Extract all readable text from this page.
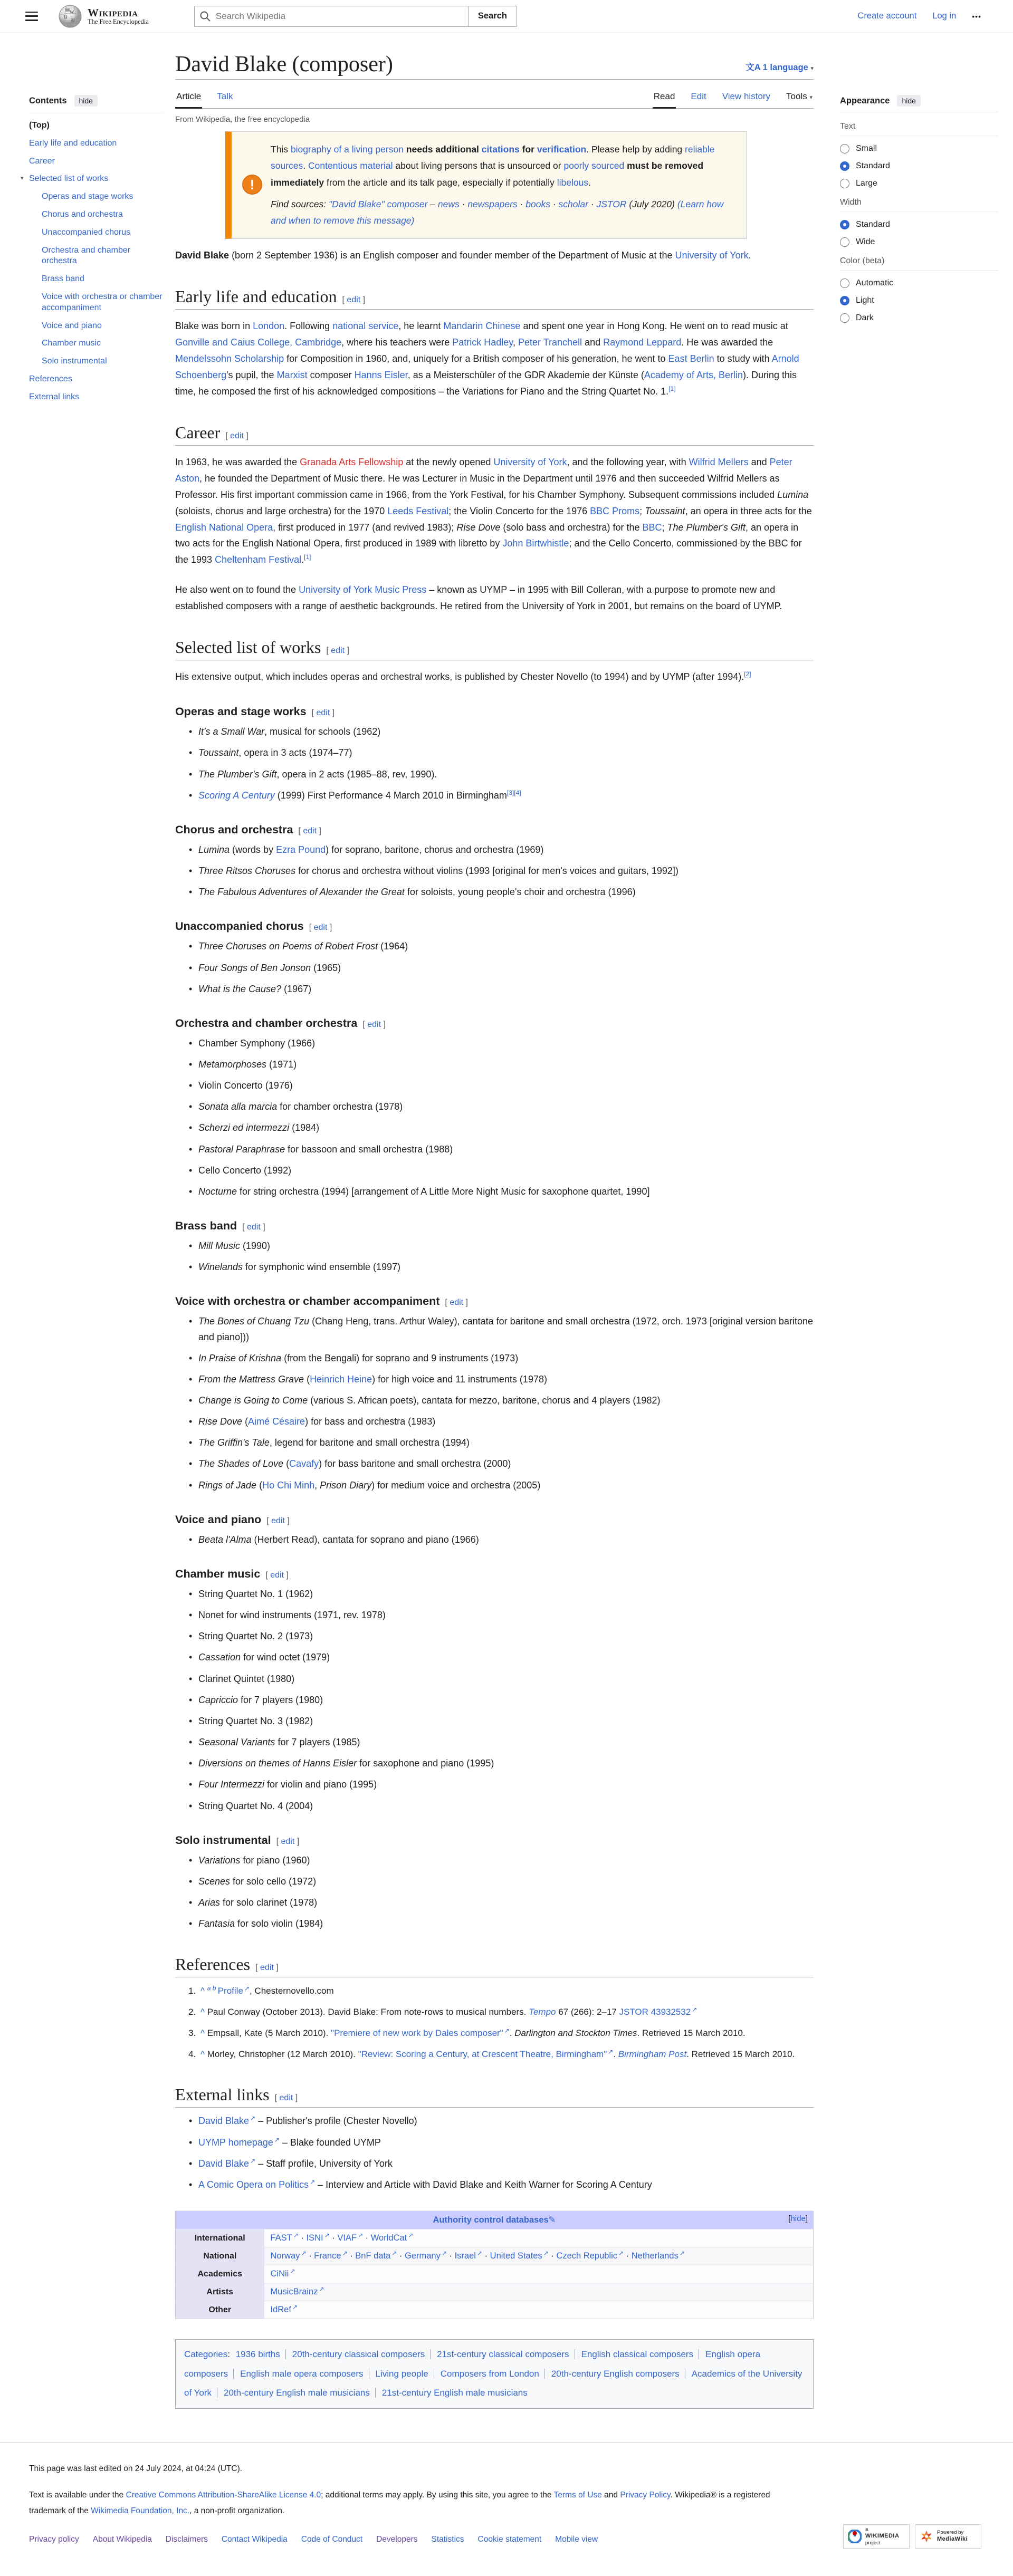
Ω
W
袓
Wikipedia
The Free Encyclopedia
Search Wikipedia
Search	Create account Log in •••
Contents	hide
(Top)
Early life and education
Career
▾ Selected list of works
Operas and stage works
Chorus and orchestra
Unaccompanied chorus
Orchestra and chamber orchestra
Brass band
Voice with orchestra or chamber accompaniment
Voice and piano
Chamber music
Solo instrumental
References
External links
David Blake (composer)	文A 1 language ▾
Article Talk	Read Edit View history Tools ▾
From Wikipedia, the free encyclopedia
!
This biography of a living person needs additional citations for verification. Please help by adding reliable sources. Contentious material about living persons that is unsourced or poorly sourced must be removed immediately from the article and its talk page, especially if potentially libelous.
Find sources: "David Blake" composer – news · newspapers · books · scholar · JSTOR (July 2020) (Learn how and when to remove this message)

David Blake (born 2 September 1936) is an English composer and founder member of the Department of Music at the University of York.

Early life and education [ edit ]

Blake was born in London. Following national service, he learnt Mandarin Chinese and spent one year in Hong Kong. He went on to read music at Gonville and Caius College, Cambridge, where his teachers were Patrick Hadley, Peter Tranchell and Raymond Leppard. He was awarded the Mendelssohn Scholarship for Composition in 1960, and, uniquely for a British composer of his generation, he went to East Berlin to study with Arnold Schoenberg's pupil, the Marxist composer Hanns Eisler, as a Meisterschüler of the GDR Akademie der Künste (Academy of Arts, Berlin). During this time, he composed the first of his acknowledged compositions – the Variations for Piano and the String Quartet No. 1.[1]

Career [ edit ]

In 1963, he was awarded the Granada Arts Fellowship at the newly opened University of York, and the following year, with Wilfrid Mellers and Peter Aston, he founded the Department of Music there. He was Lecturer in Music in the Department until 1976 and then succeeded Wilfrid Mellers as Professor. His first important commission came in 1966, from the York Festival, for his Chamber Symphony. Subsequent commissions included Lumina (soloists, chorus and large orchestra) for the 1970 Leeds Festival; the Violin Concerto for the 1976 BBC Proms; Toussaint, an opera in three acts for the English National Opera, first produced in 1977 (and revived 1983); Rise Dove (solo bass and orchestra) for the BBC; The Plumber's Gift, an opera in two acts for the English National Opera, first produced in 1989 with libretto by John Birtwhistle; and the Cello Concerto, commissioned by the BBC for the 1993 Cheltenham Festival.[1]

He also went on to found the University of York Music Press – known as UYMP – in 1995 with Bill Colleran, with a purpose to promote new and established composers with a range of aesthetic backgrounds. He retired from the University of York in 2001, but remains on the board of UYMP.

Selected list of works [ edit ]

His extensive output, which includes operas and orchestral works, is published by Chester Novello (to 1994) and by UYMP (after 1994).[2]

Operas and stage works [ edit ]
• It's a Small War, musical for schools (1962)
• Toussaint, opera in 3 acts (1974–77)
• The Plumber's Gift, opera in 2 acts (1985–88, rev, 1990).
• Scoring A Century (1999) First Performance 4 March 2010 in Birmingham[3][4]
Chorus and orchestra [ edit ]
• Lumina (words by Ezra Pound) for soprano, baritone, chorus and orchestra (1969)
• Three Ritsos Choruses for chorus and orchestra without violins (1993 [original for men's voices and guitars, 1992])
• The Fabulous Adventures of Alexander the Great for soloists, young people's choir and orchestra (1996)
Unaccompanied chorus [ edit ]
• Three Choruses on Poems of Robert Frost (1964)
• Four Songs of Ben Jonson (1965)
• What is the Cause? (1967)
Orchestra and chamber orchestra [ edit ]
• Chamber Symphony (1966)
• Metamorphoses (1971)
• Violin Concerto (1976)
• Sonata alla marcia for chamber orchestra (1978)
• Scherzi ed intermezzi (1984)
• Pastoral Paraphrase for bassoon and small orchestra (1988)
• Cello Concerto (1992)
• Nocturne for string orchestra (1994) [arrangement of A Little More Night Music for saxophone quartet, 1990]
Brass band [ edit ]
• Mill Music (1990)
• Winelands for symphonic wind ensemble (1997)
Voice with orchestra or chamber accompaniment [ edit ]
• The Bones of Chuang Tzu (Chang Heng, trans. Arthur Waley), cantata for baritone and small orchestra (1972, orch. 1973 [original version baritone and piano]))
• In Praise of Krishna (from the Bengali) for soprano and 9 instruments (1973)
• From the Mattress Grave (Heinrich Heine) for high voice and 11 instruments (1978)
• Change is Going to Come (various S. African poets), cantata for mezzo, baritone, chorus and 4 players (1982)
• Rise Dove (Aimé Césaire) for bass and orchestra (1983)
• The Griffin's Tale, legend for baritone and small orchestra (1994)
• The Shades of Love (Cavafy) for bass baritone and small orchestra (2000)
• Rings of Jade (Ho Chi Minh, Prison Diary) for medium voice and orchestra (2005)
Voice and piano [ edit ]
• Beata l'Alma (Herbert Read), cantata for soprano and piano (1966)
Chamber music [ edit ]
• String Quartet No. 1 (1962)
• Nonet for wind instruments (1971, rev. 1978)
• String Quartet No. 2 (1973)
• Cassation for wind octet (1979)
• Clarinet Quintet (1980)
• Capriccio for 7 players (1980)
• String Quartet No. 3 (1982)
• Seasonal Variants for 7 players (1985)
• Diversions on themes of Hanns Eisler for saxophone and piano (1995)
• Four Intermezzi for violin and piano (1995)
• String Quartet No. 4 (2004)
Solo instrumental [ edit ]
• Variations for piano (1960)
• Scenes for solo cello (1972)
• Arias for solo clarinet (1978)
• Fantasia for solo violin (1984)
References [ edit ]
1. ^ $^{a b}$ Profile ↗, Chesternovello.com
2. ^ Paul Conway (October 2013). David Blake: From note-rows to musical numbers. Tempo 67 (266): 2–17 JSTOR 43932532 ↗
3. ^ Empsall, Kate (5 March 2010). "Premiere of new work by Dales composer" ↗. Darlington and Stockton Times. Retrieved 15 March 2010.
4. ^ Morley, Christopher (12 March 2010). "Review: Scoring a Century, at Crescent Theatre, Birmingham" ↗. Birmingham Post. Retrieved 15 March 2010.
External links [ edit ]
• David Blake ↗ – Publisher's profile (Chester Novello)
• UYMP homepage ↗ – Blake founded UYMP
• David Blake ↗ – Staff profile, University of York
• A Comic Opera on Politics ↗ – Interview and Article with David Blake and Keith Warner for Scoring A Century
Authority control databases✎ [hide]	

International	FAST ↗ · ISNI ↗ · VIAF ↗ · WorldCat ↗
National	Norway ↗ · France ↗ · BnF data ↗ · Germany ↗ · Israel ↗ · United States ↗ · Czech Republic ↗ · Netherlands ↗
Academics	CiNii ↗
Artists	MusicBrainz ↗
Other	IdRef ↗
Categories: 1936 births 20th-century classical composers 21st-century classical composers English classical composers English opera composers English male opera composers Living people Composers from London 20th-century English composers Academics of the University of York 20th-century English male musicians 21st-century English male musicians
Appearance	hide
Text
Small
Standard
Large
Width
Standard
Wide
Color (beta)
Automatic
Light
Dark

This page was last edited on 24 July 2024, at 04:24 (UTC).

Text is available under the Creative Commons Attribution-ShareAlike License 4.0; additional terms may apply. By using this site, you agree to the Terms of Use and Privacy Policy. Wikipedia® is a registered trademark of the Wikimedia Foundation, Inc., a non-profit organization.

Privacy policy About Wikipedia Disclaimers Contact Wikipedia Code of Conduct Developers Statistics Cookie statement Mobile view
a
WIKIMEDIA
project
Powered by
MediaWiki
